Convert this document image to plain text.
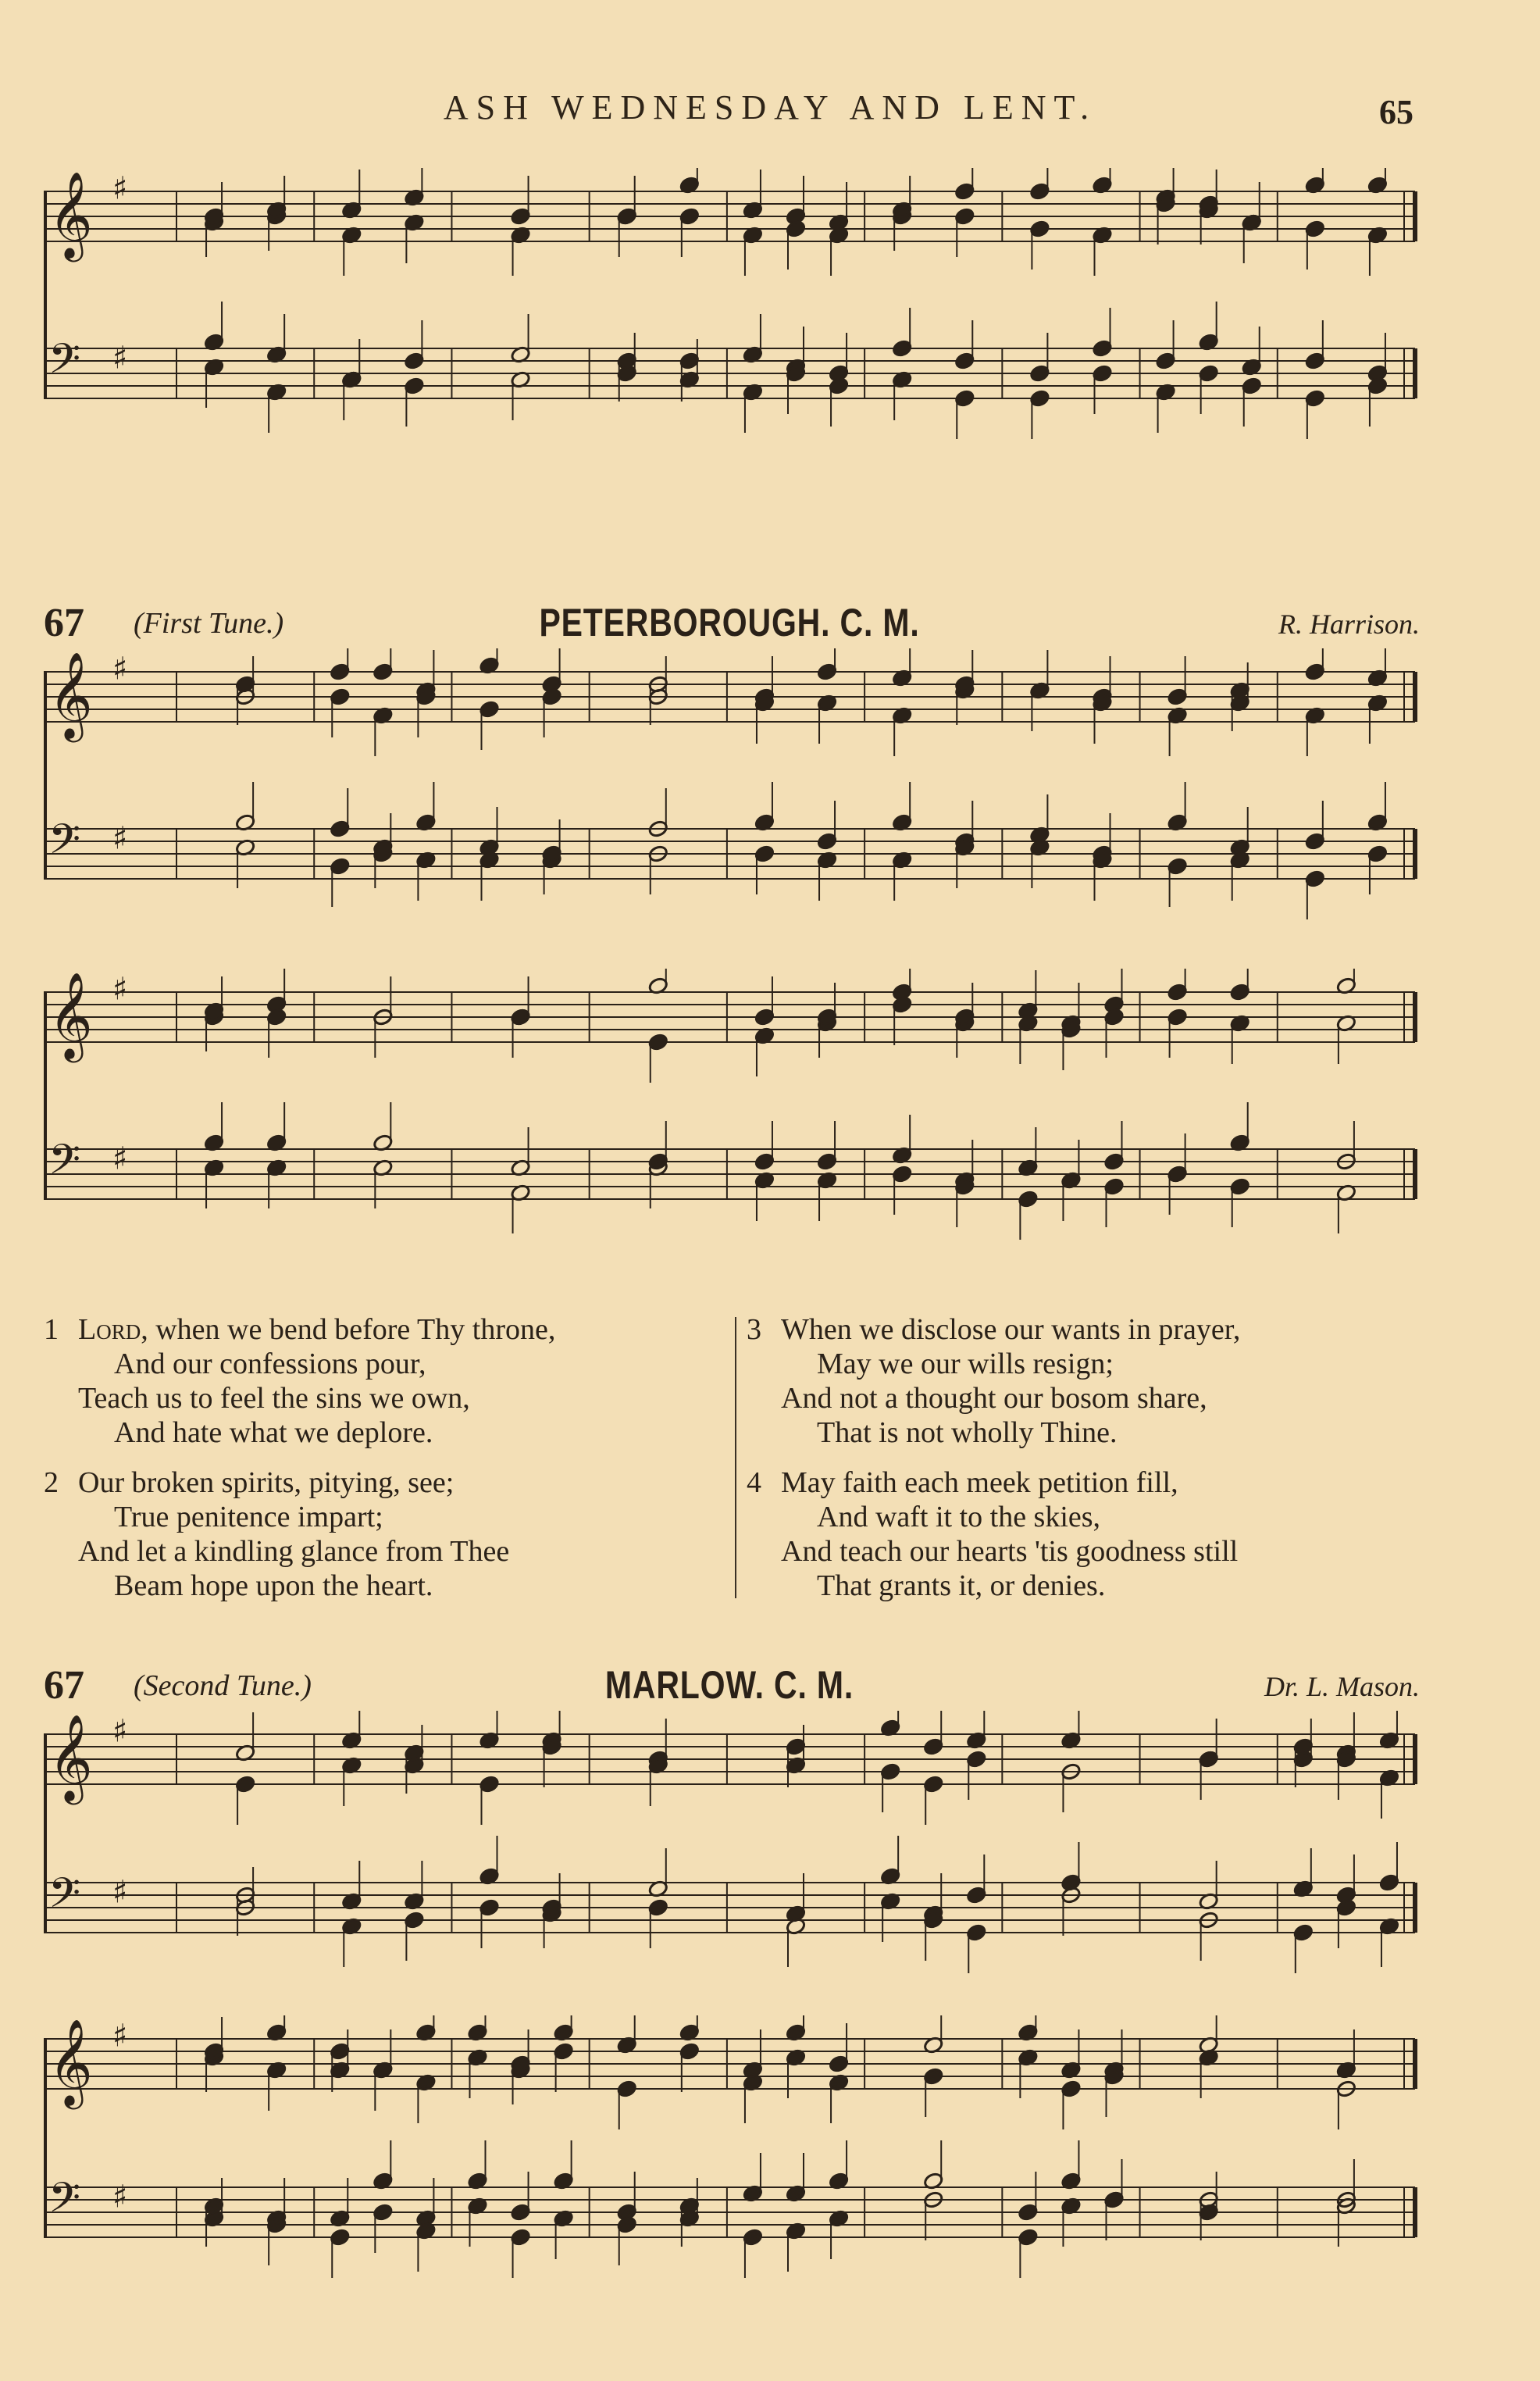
ASH WEDNESDAY AND LENT.	65
𝄞 ♯
𝄢 ♯
67 (First Tune.)	PETERBOROUGH. C. M.	R. Harrison.
𝄞 ♯
𝄢 ♯
𝄞 ♯
𝄢 ♯
1 Lord, when we bend before Thy throne,
And our confessions pour,
Teach us to feel the sins we own,
And hate what we deplore.
2 Our broken spirits, pitying, see;
True penitence impart;
And let a kindling glance from Thee
Beam hope upon the heart.
3 When we disclose our wants in prayer,
May we our wills resign;
And not a thought our bosom share,
That is not wholly Thine.
4 May faith each meek petition fill,
And waft it to the skies,
And teach our hearts 'tis goodness still
That grants it, or denies.
67 (Second Tune.)	MARLOW. C. M.	Dr. L. Mason.
𝄞 ♯
𝄢 ♯
𝄞 ♯
𝄢 ♯
